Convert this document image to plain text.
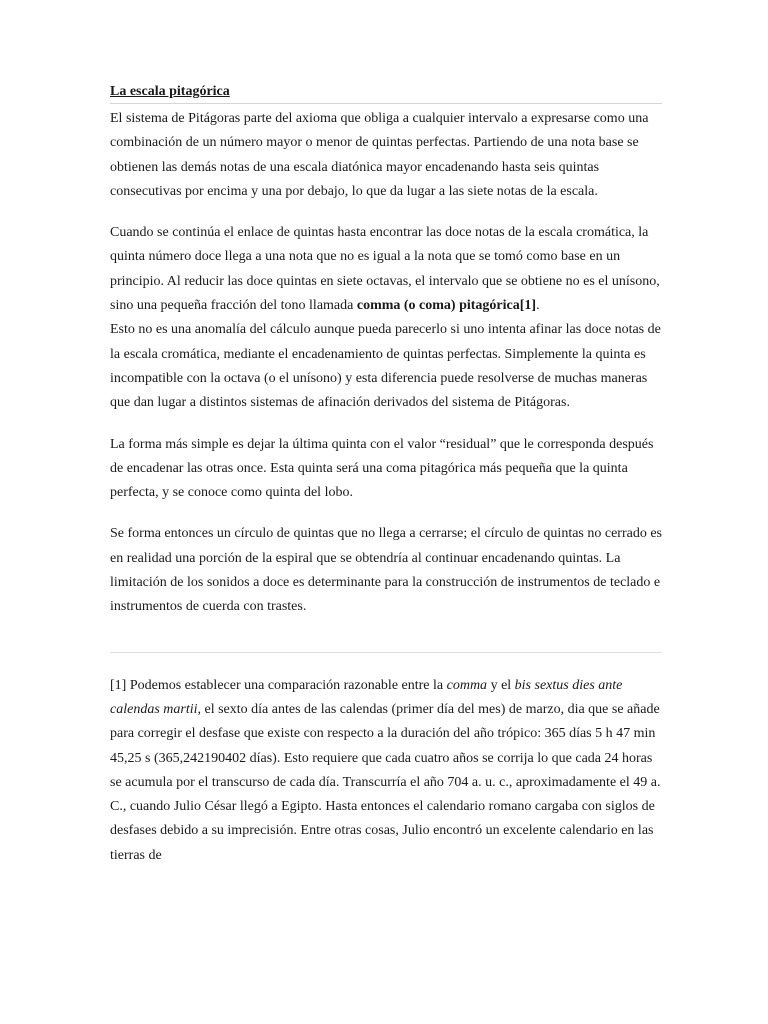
La escala pitagórica

El sistema de Pitágoras parte del axioma que obliga a cualquier intervalo a expresarse como una combinación de un número mayor o menor de quintas perfectas. Partiendo de una nota base se obtienen las demás notas de una escala diatónica mayor encadenando hasta seis quintas consecutivas por encima y una por debajo, lo que da lugar a las siete notas de la escala.

Cuando se continúa el enlace de quintas hasta encontrar las doce notas de la escala cromática, la quinta número doce llega a una nota que no es igual a la nota que se tomó como base en un principio. Al reducir las doce quintas en siete octavas, el intervalo que se obtiene no es el unísono, sino una pequeña fracción del tono llamada comma (o coma) pitagórica[1].

Esto no es una anomalía del cálculo aunque pueda parecerlo si uno intenta afinar las doce notas de la escala cromática, mediante el encadenamiento de quintas perfectas. Simplemente la quinta es incompatible con la octava (o el unísono) y esta diferencia puede resolverse de muchas maneras que dan lugar a distintos sistemas de afinación derivados del sistema de Pitágoras.

La forma más simple es dejar la última quinta con el valor “residual” que le corresponda después de encadenar las otras once. Esta quinta será una coma pitagórica más pequeña que la quinta perfecta, y se conoce como quinta del lobo.

Se forma entonces un círculo de quintas que no llega a cerrarse; el círculo de quintas no cerrado es en realidad una porción de la espiral que se obtendría al continuar encadenando quintas. La limitación de los sonidos a doce es determinante para la construcción de instrumentos de teclado e instrumentos de cuerda con trastes.

[1] Podemos establecer una comparación razonable entre la comma y el bis sextus dies ante calendas martii, el sexto día antes de las calendas (primer día del mes) de marzo, dia que se añade para corregir el desfase que existe con respecto a la duración del año trópico: 365 días 5 h 47 min 45,25 s (365,242190402 días). Esto requiere que cada cuatro años se corrija lo que cada 24 horas se acumula por el transcurso de cada día. Transcurría el año 704 a. u. c., aproximadamente el 49 a. C., cuando Julio César llegó a Egipto. Hasta entonces el calendario romano cargaba con siglos de desfases debido a su imprecisión. Entre otras cosas, Julio encontró un excelente calendario en las tierras de
